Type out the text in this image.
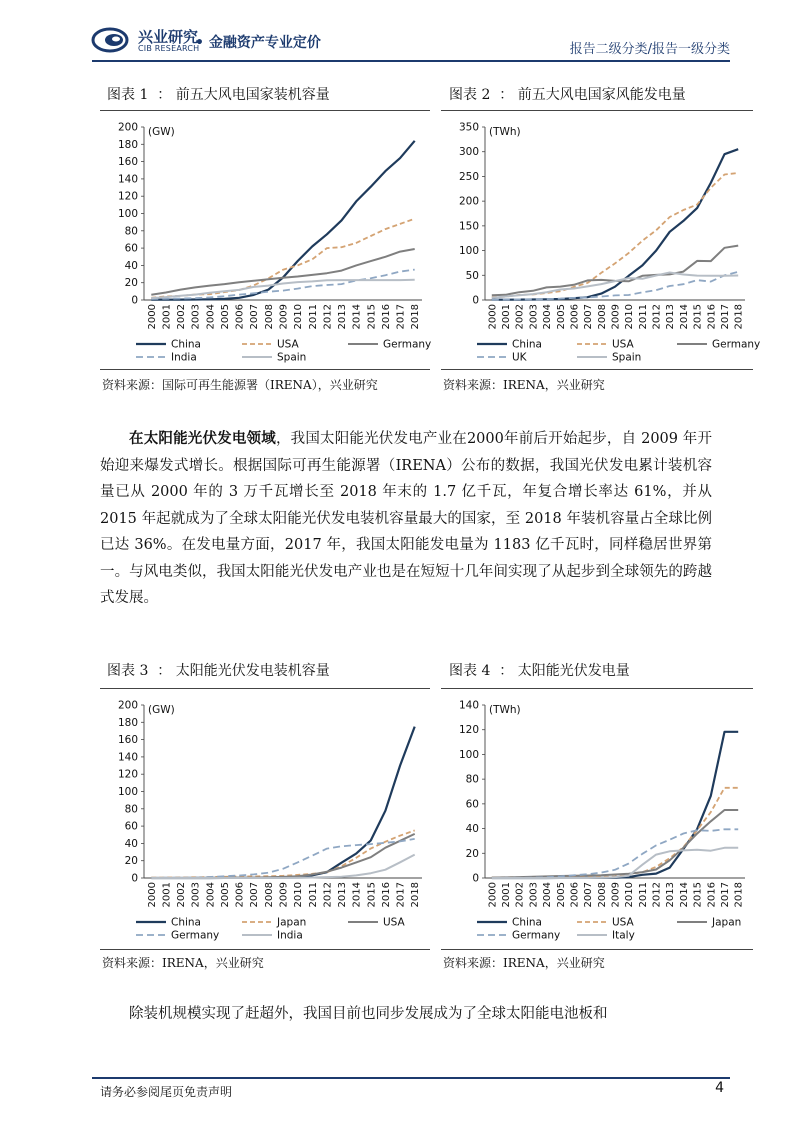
兴业研究
CIB RESEARCH
• 金融资产专业定价	报告二级分类/报告一级分类
图表 1 ： 前五大风电国家装机容量
0
20
40
60
80
100
120
140
160
180
200 (GW)
2000 2001 2002 2003 2004 2005 2006 2007 2008 2009 2010 2011 2012 2013 2014 2015 2016 2017 2018
China	USA	Germany
India	Spain
资料来源：国际可再生能源署（IRENA），兴业研究
图表 2 ： 前五大风电国家风能发电量
0
50
100
150
200
250
300
350 (TWh)
2000 2001 2002 2003 2004 2005 2006 2007 2008 2009 2010 2011 2012 2013 2014 2015 2016 2017 2018
China	USA	Germany
UK	Spain
资料来源：IRENA，兴业研究

在太阳能光伏发电领域，我国太阳能光伏发电产业在2000年前后开始起步，自 2009 年开始迎来爆发式增长。根据国际可再生能源署（IRENA）公布的数据，我国光伏发电累计装机容量已从 2000 年的 3 万千瓦增长至 2018 年末的 1.7 亿千瓦，年复合增长率达 61%，并从 2015 年起就成为了全球太阳能光伏发电装机容量最大的国家，至 2018 年装机容量占全球比例已达 36%。在发电量方面，2017 年，我国太阳能发电量为 1183 亿千瓦时，同样稳居世界第一。与风电类似，我国太阳能光伏发电产业也是在短短十几年间实现了从起步到全球领先的跨越式发展。

图表 3 ： 太阳能光伏发电装机容量
0
20
40
60
80
100
120
140
160
180
200 (GW)
2000 2001 2002 2003 2004 2005 2006 2007 2008 2009 2010 2011 2012 2013 2014 2015 2016 2017 2018
China	Japan	USA
Germany	India
资料来源：IRENA，兴业研究
图表 4 ： 太阳能光伏发电量
0
20
40
60
80
100
120
140 (TWh)
2000 2001 2002 2003 2004 2005 2006 2007 2008 2009 2010 2011 2012 2013 2014 2015 2016 2017 2018
China	USA	Japan
Germany	Italy
资料来源：IRENA，兴业研究

除装机规模实现了赶超外，我国目前也同步发展成为了全球太阳能电池板和

请务必参阅尾页免责声明	4
